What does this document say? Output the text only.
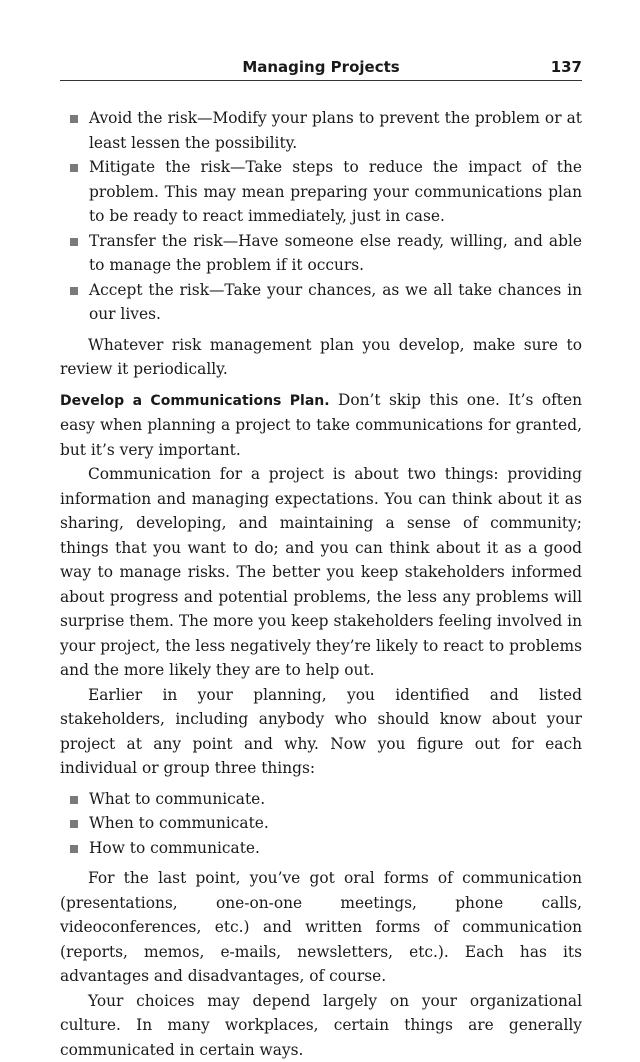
Managing Projects	137
Avoid the risk—Modify your plans to prevent the problem or at least lessen the possibility.
Mitigate the risk—Take steps to reduce the impact of the problem. This may mean preparing your communications plan to be ready to react immediately, just in case.
Transfer the risk—Have someone else ready, willing, and able to manage the problem if it occurs.
Accept the risk—Take your chances, as we all take chances in our lives.

Whatever risk management plan you develop, make sure to review it periodically.

Develop a Communications Plan. Don’t skip this one. It’s often easy when planning a project to take communications for granted, but it’s very important.

Communication for a project is about two things: providing information and managing expectations. You can think about it as sharing, developing, and maintaining a sense of community; things that you want to do; and you can think about it as a good way to manage risks. The better you keep stakeholders informed about progress and potential problems, the less any problems will surprise them. The more you keep stakeholders feeling involved in your project, the less negatively they’re likely to react to problems and the more likely they are to help out.

Earlier in your planning, you identified and listed stakeholders, including anybody who should know about your project at any point and why. Now you figure out for each individual or group three things:

What to communicate.
When to communicate.
How to communicate.

For the last point, you’ve got oral forms of communication (presentations, one-on-one meetings, phone calls, videoconferences, etc.) and written forms of communication (reports, memos, e-mails, newsletters, etc.). Each has its advantages and disadvantages, of course.

Your choices may depend largely on your organizational culture. In many workplaces, certain things are generally communicated in certain ways.
